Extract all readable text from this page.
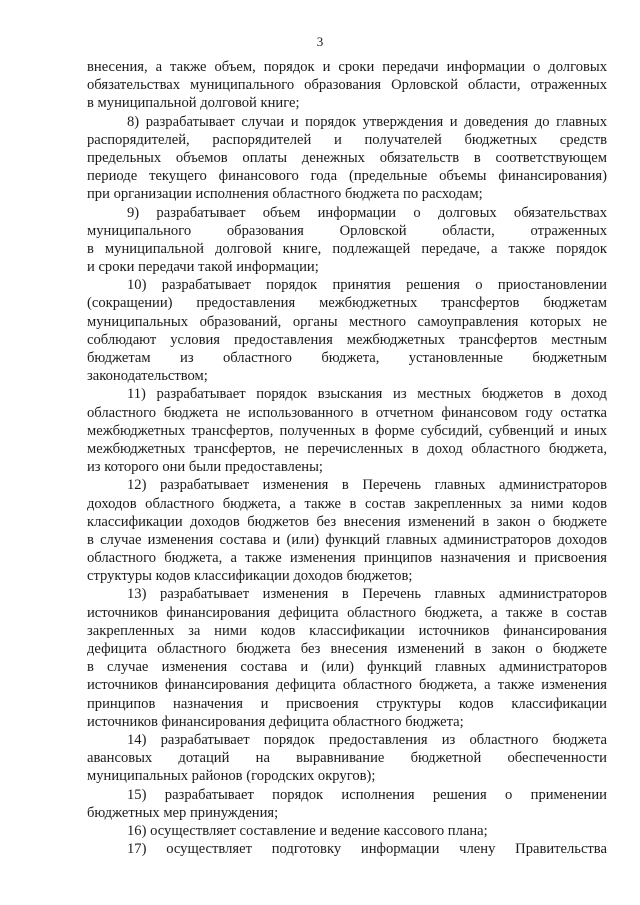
3
внесения, а также объем, порядок и сроки передачи информации о долговых
обязательствах муниципального образования Орловской области, отраженных
в муниципальной долговой книге;
8) разрабатывает случаи и порядок утверждения и доведения до главных
распорядителей, распорядителей и получателей бюджетных средств
предельных объемов оплаты денежных обязательств в соответствующем
периоде текущего финансового года (предельные объемы финансирования)
при организации исполнения областного бюджета по расходам;
9) разрабатывает объем информации о долговых обязательствах
муниципального образования Орловской области, отраженных
в муниципальной долговой книге, подлежащей передаче, а также порядок
и сроки передачи такой информации;
10) разрабатывает порядок принятия решения о приостановлении
(сокращении) предоставления межбюджетных трансфертов бюджетам
муниципальных образований, органы местного самоуправления которых не
соблюдают условия предоставления межбюджетных трансфертов местным
бюджетам из областного бюджета, установленные бюджетным
законодательством;
11) разрабатывает порядок взыскания из местных бюджетов в доход
областного бюджета не использованного в отчетном финансовом году остатка
межбюджетных трансфертов, полученных в форме субсидий, субвенций и иных
межбюджетных трансфертов, не перечисленных в доход областного бюджета,
из которого они были предоставлены;
12) разрабатывает изменения в Перечень главных администраторов
доходов областного бюджета, а также в состав закрепленных за ними кодов
классификации доходов бюджетов без внесения изменений в закон о бюджете
в случае изменения состава и (или) функций главных администраторов доходов
областного бюджета, а также изменения принципов назначения и присвоения
структуры кодов классификации доходов бюджетов;
13) разрабатывает изменения в Перечень главных администраторов
источников финансирования дефицита областного бюджета, а также в состав
закрепленных за ними кодов классификации источников финансирования
дефицита областного бюджета без внесения изменений в закон о бюджете
в случае изменения состава и (или) функций главных администраторов
источников финансирования дефицита областного бюджета, а также изменения
принципов назначения и присвоения структуры кодов классификации
источников финансирования дефицита областного бюджета;
14) разрабатывает порядок предоставления из областного бюджета
авансовых дотаций на выравнивание бюджетной обеспеченности
муниципальных районов (городских округов);
15) разрабатывает порядок исполнения решения о применении
бюджетных мер принуждения;
16) осуществляет составление и ведение кассового плана;
17) осуществляет подготовку информации члену Правительства
